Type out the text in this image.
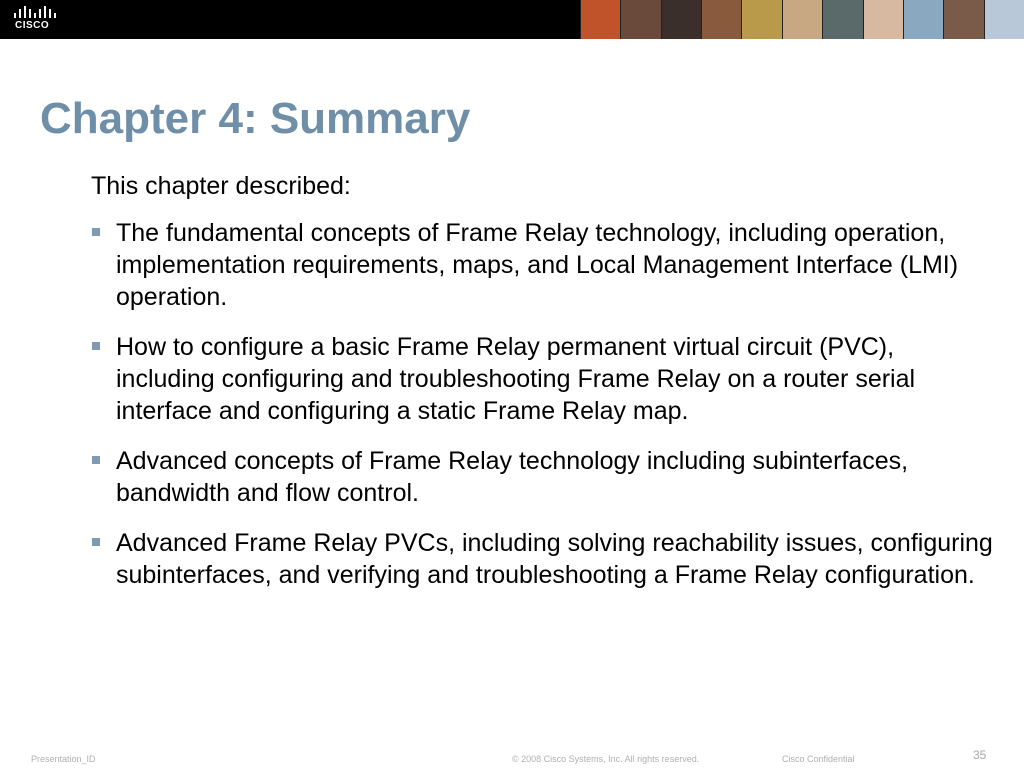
CISCO
Chapter 4: Summary

This chapter described:

The fundamental concepts of Frame Relay technology, including operation, implementation requirements, maps, and Local Management Interface (LMI) operation.
How to configure a basic Frame Relay permanent virtual circuit (PVC), including configuring and troubleshooting Frame Relay on a router serial interface and configuring a static Frame Relay map.
Advanced concepts of Frame Relay technology including subinterfaces, bandwidth and flow control.
Advanced Frame Relay PVCs, including solving reachability issues, configuring subinterfaces, and verifying and troubleshooting a Frame Relay configuration.
Presentation_ID	© 2008 Cisco Systems, Inc. All rights reserved.	Cisco Confidential	35
